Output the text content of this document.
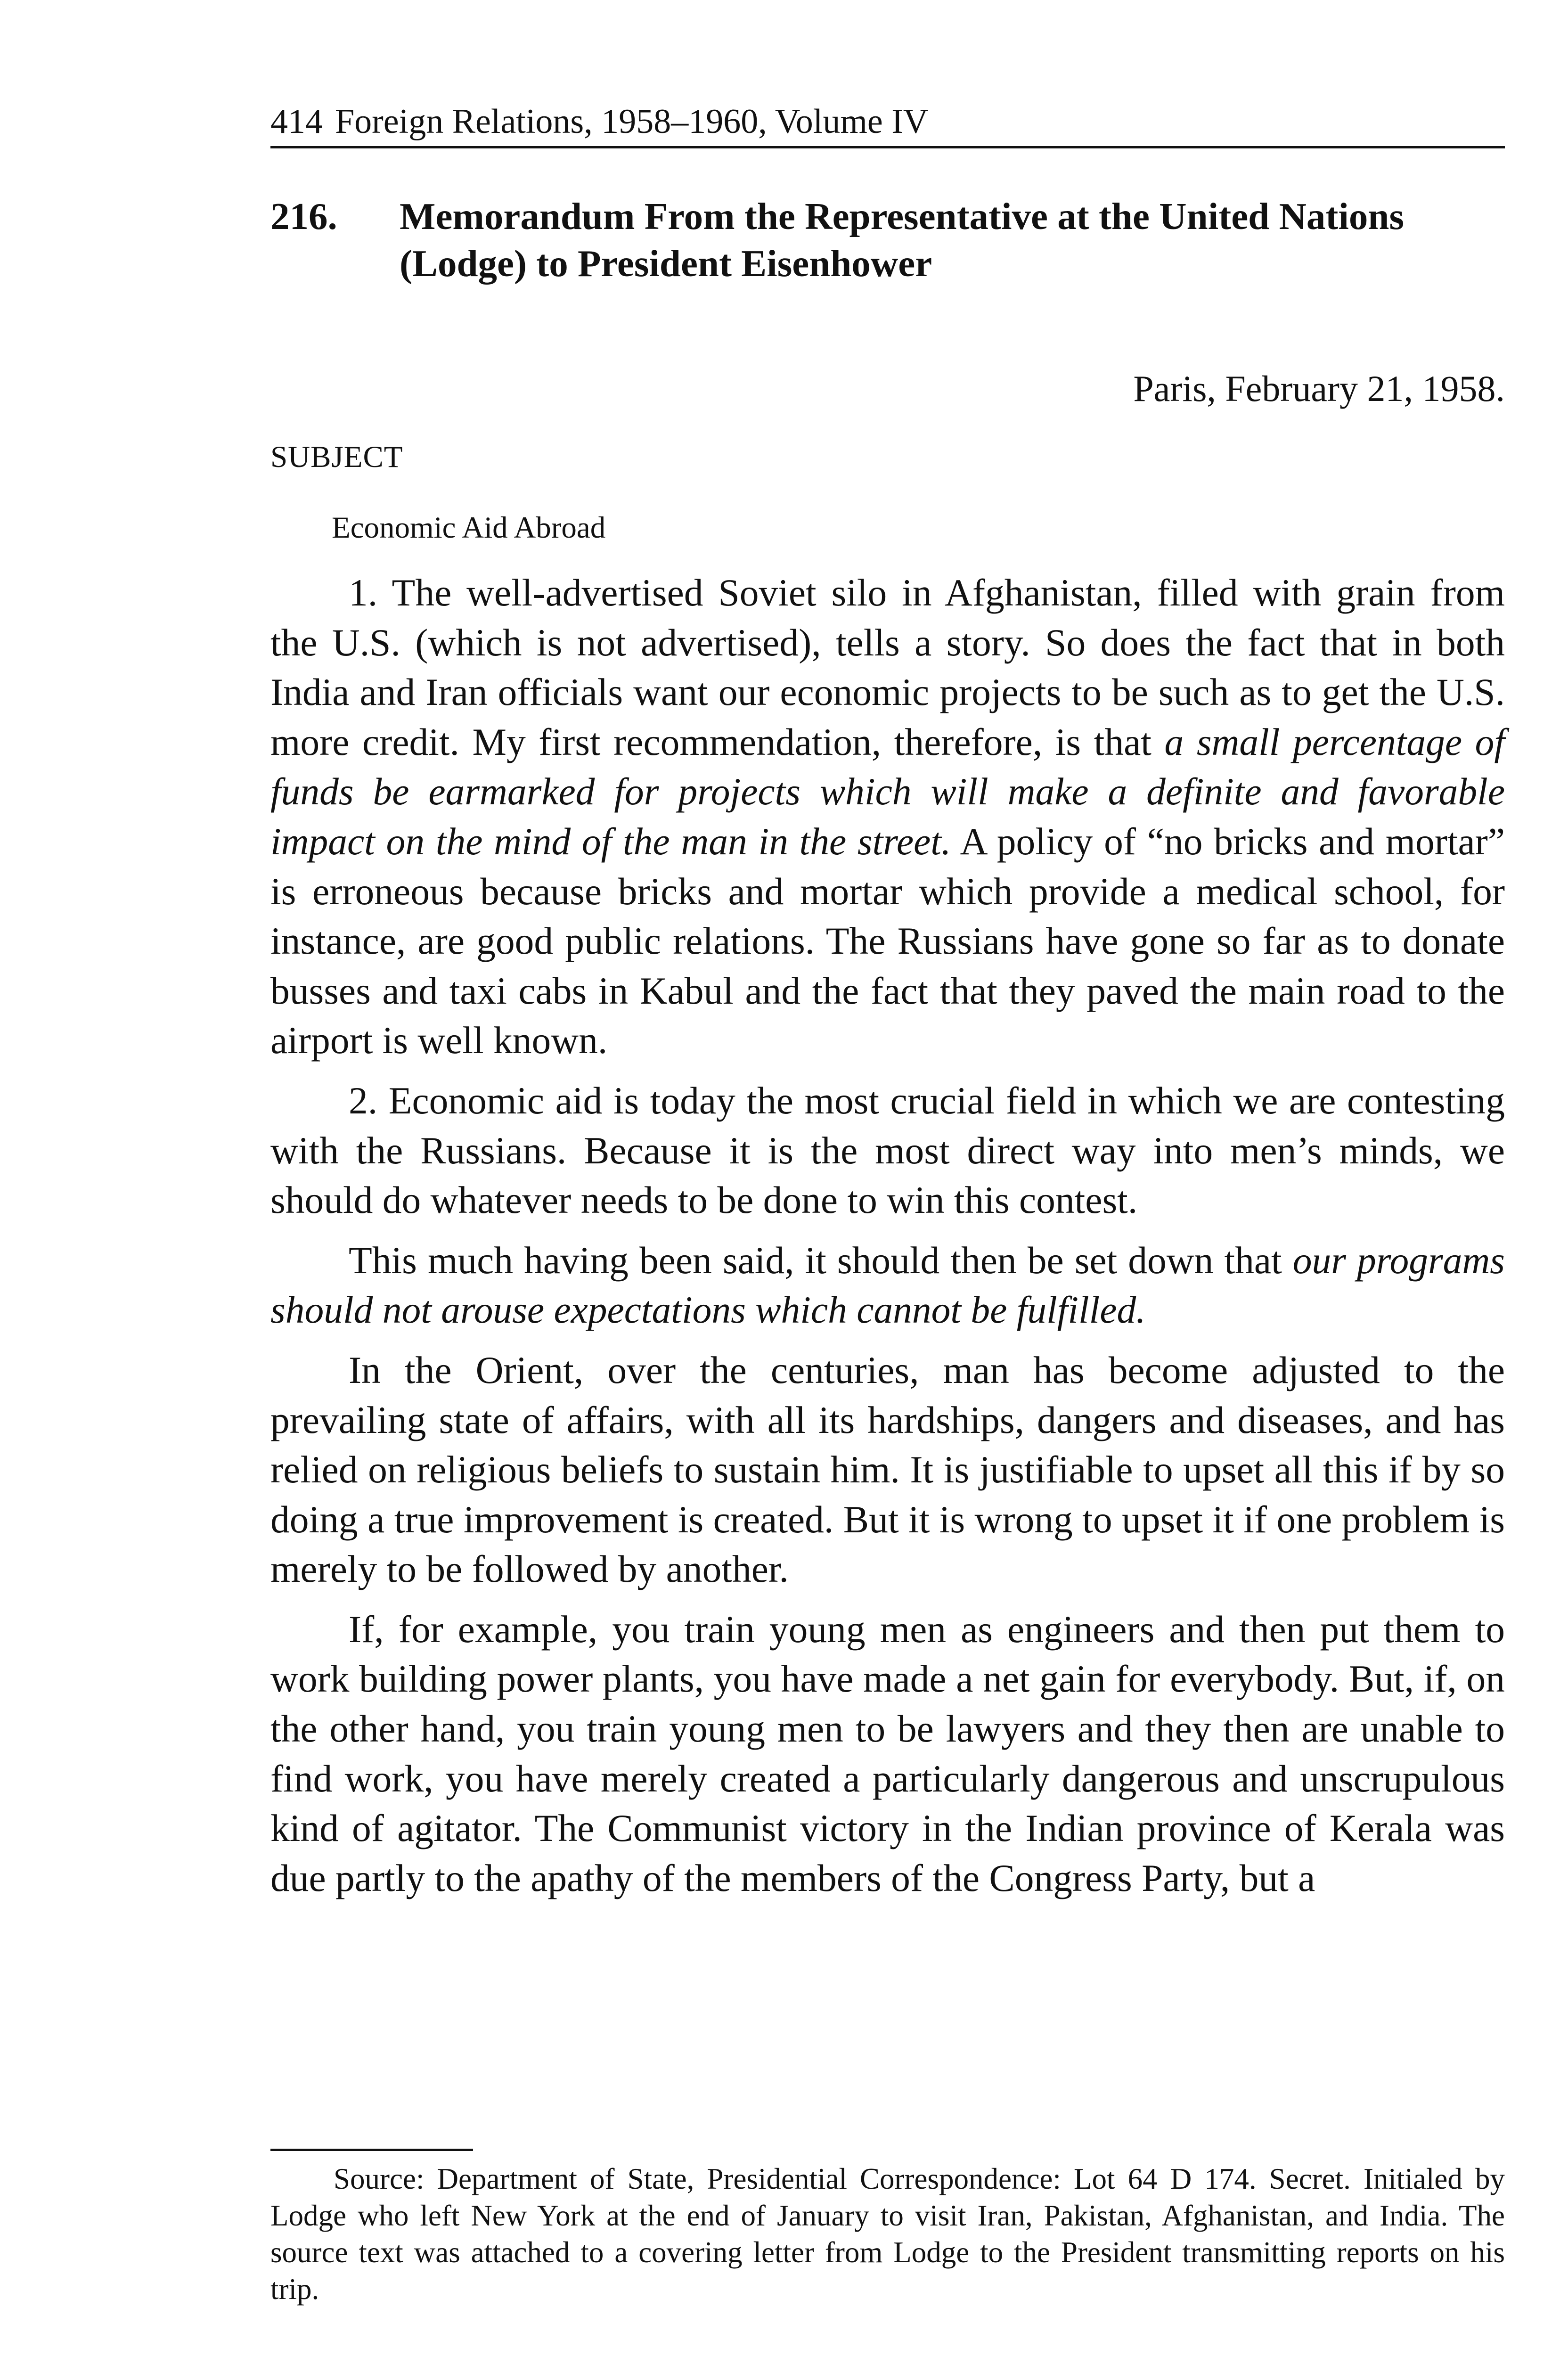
414 Foreign Relations, 1958–1960, Volume IV
216.	Memorandum From the Representative at the United Nations (Lodge) to President Eisenhower
Paris, February 21, 1958.
SUBJECT
Economic Aid Abroad

1. The well-advertised Soviet silo in Afghanistan, filled with grain from the U.S. (which is not advertised), tells a story. So does the fact that in both India and Iran officials want our economic projects to be such as to get the U.S. more credit. My first recommendation, therefore, is that a small percentage of funds be earmarked for projects which will make a definite and favorable impact on the mind of the man in the street. A policy of “no bricks and mortar” is erroneous because bricks and mortar which provide a medical school, for instance, are good public relations. The Russians have gone so far as to donate busses and taxi cabs in Kabul and the fact that they paved the main road to the airport is well known.

2. Economic aid is today the most crucial field in which we are contesting with the Russians. Because it is the most direct way into men’s minds, we should do whatever needs to be done to win this contest.

This much having been said, it should then be set down that our programs should not arouse expectations which cannot be fulfilled.

In the Orient, over the centuries, man has become adjusted to the prevailing state of affairs, with all its hardships, dangers and diseases, and has relied on religious beliefs to sustain him. It is justifiable to upset all this if by so doing a true improvement is created. But it is wrong to upset it if one problem is merely to be followed by another.

If, for example, you train young men as engineers and then put them to work building power plants, you have made a net gain for everybody. But, if, on the other hand, you train young men to be lawyers and they then are unable to find work, you have merely created a particularly dangerous and unscrupulous kind of agitator. The Communist victory in the Indian province of Kerala was due partly to the apathy of the members of the Congress Party, but a

Source: Department of State, Presidential Correspondence: Lot 64 D 174. Secret. Initialed by Lodge who left New York at the end of January to visit Iran, Pakistan, Afghanistan, and India. The source text was attached to a covering letter from Lodge to the President transmitting reports on his trip.
